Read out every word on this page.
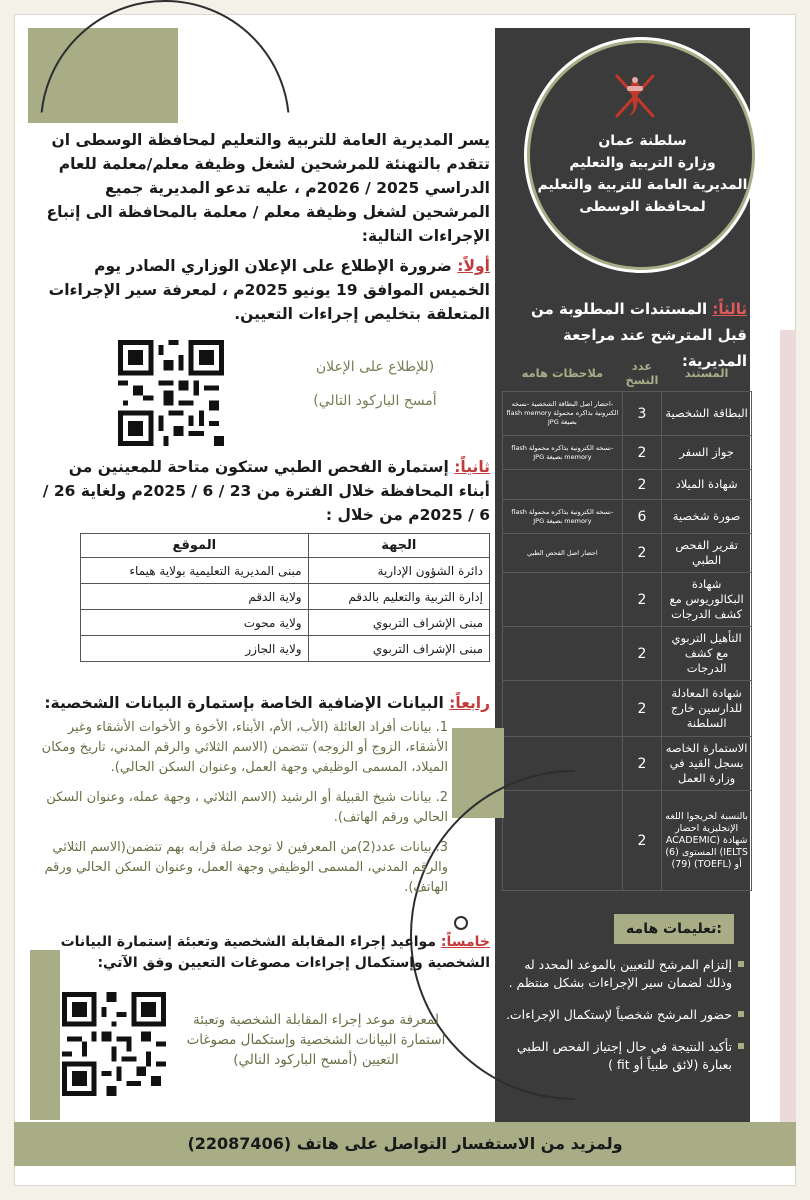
سلطنة عمان
وزارة التربية والتعليم
المديرية العامة للتربية والتعليم
لمحافظة الوسطى
ثالثاً: المستندات المطلوبة من قبل المترشح عند مراجعة المديرية:
المستند	عدد النسخ	ملاحظات هامه
البطاقة الشخصية	3	-احضار اصل البطاقة الشخصية -نسخه الكترونية بذاكره محمولة flash memory بصيغة JPG
جواز السفر	2	-نسخه الكترونية بذاكره محمولة flash memory بصيغة JPG
شهادة الميلاد	2	
صورة شخصية	6	-نسخه الكترونية بذاكره محمولة flash memory بصيغة JPG
تقرير الفحص الطبي	2	احضار اصل الفحص الطبي
شهادة البكالوريوس مع كشف الدرجات	2	
التأهيل التربوي مع كشف الدرجات	2	
شهادة المعادلة للدارسين خارج السلطنة	2	
الاستمارة الخاصه بسجل القيد في وزارة العمل	2	
بالنسبة لخريجوا اللغه الإنجليزية احضار شهادة (ACADEMIC IELTS) المستوى (6) أو (TOEFL) (79)	2	
تعليمات هامه:
إلتزام المرشح للتعيين بالموعد المحدد له وذلك لضمان سير الإجراءات بشكل منتظم .
حضور المرشح شخصياً لإستكمال الإجراءات.
تأكيد النتيجة في حال إجتياز الفحص الطبي بعبارة (لائق طبياً أو fit )
يسر المديرية العامة للتربية والتعليم لمحافظة الوسطى ان تتقدم بالتهنئة للمرشحين لشغل وظيفة معلم/معلمة للعام الدراسي 2025 / 2026م ، عليه تدعو المديرية جميع المرشحين لشغل وظيفة معلم / معلمة بالمحافظة الى إتباع الإجراءات التالية:
أولاً: ضرورة الإطلاع على الإعلان الوزاري الصادر يوم الخميس الموافق 19 يونيو 2025م ، لمعرفة سير الإجراءات المتعلقة بتخليص إجراءات التعيين.
(للإطلاع على الإعلان
أمسح الباركود التالي)
ثانياً: إستمارة الفحص الطبي ستكون متاحة للمعينين من أبناء المحافظة خلال الفترة من 23 / 6 / 2025م ولغاية 26 / 6 / 2025م من خلال :
الجهة	الموقع
دائرة الشؤون الإدارية	مبنى المديرية التعليمية بولاية هيماء
إدارة التربية والتعليم بالدقم	ولاية الدقم
مبنى الإشراف التربوي	ولاية محوت
مبنى الإشراف التربوي	ولاية الجازر
رابعاً: البيانات الإضافية الخاصة بإستمارة البيانات الشخصية:

1. بيانات أفراد العائلة (الأب، الأم، الأبناء، الأخوة و الأخوات الأشقاء وغير الأشقاء، الزوج أو الزوجه) تتضمن (الاسم الثلاثي والرقم المدني، تاريخ ومكان الميلاد، المسمى الوظيفي وجهة العمل، وعنوان السكن الحالي).

2. بيانات شيخ القبيلة أو الرشيد (الاسم الثلاثي ، وجهة عمله، وعنوان السكن الحالي ورقم الهاتف).

3. بيانات عدد(2)من المعرفين لا توجد صلة قرابه بهم تتضمن(الاسم الثلاثي والرقم المدني، المسمى الوظيفي وجهة العمل، وعنوان السكن الحالي ورقم الهاتف).

خامساً: مواعيد إجراء المقابلة الشخصية وتعبئة إستمارة البيانات الشخصية وإستكمال إجراءات مصوغات التعيين وفق الآتي:
لمعرفة موعد إجراء المقابلة الشخصية وتعبئة استمارة البيانات الشخصية وإستكمال مصوغات التعيين (أمسح الباركود التالي)
ولمزيد من الاستفسار التواصل على هاتف (22087406)
